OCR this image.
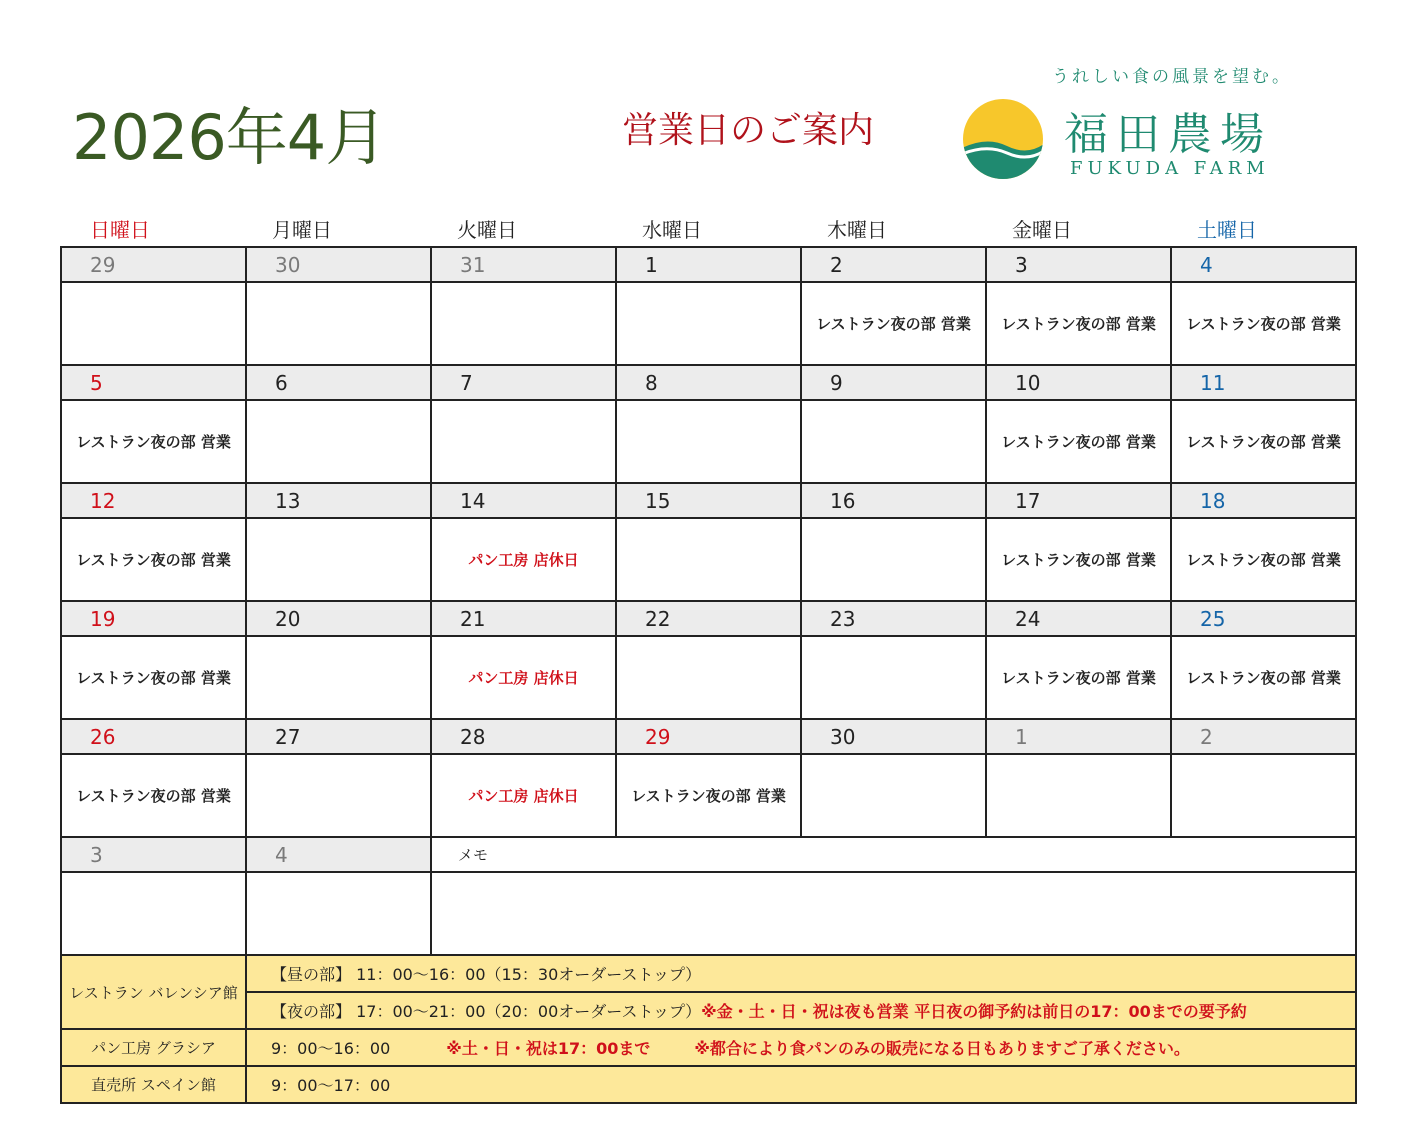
2026年4月	営業日のご案内
うれしい食の風景を望む。
福田農場
FUKUDA FARM
日曜日	月曜日	火曜日	水曜日	木曜日	金曜日	土曜日
29	30	31	1	2	3	4
				レストラン夜の部 営業	レストラン夜の部 営業	レストラン夜の部 営業
5	6	7	8	9	10	11
レストラン夜の部 営業					レストラン夜の部 営業	レストラン夜の部 営業
12	13	14	15	16	17	18
レストラン夜の部 営業		パン工房 店休日			レストラン夜の部 営業	レストラン夜の部 営業
19	20	21	22	23	24	25
レストラン夜の部 営業		パン工房 店休日			レストラン夜の部 営業	レストラン夜の部 営業
26	27	28	29	30	1	2
レストラン夜の部 営業		パン工房 店休日	レストラン夜の部 営業			
3	4	メモ				

レストラン バレンシア館	【昼の部】 11：00～16：00（15：30オーダーストップ）
	【夜の部】 17：00～21：00（20：00オーダーストップ）※金・土・日・祝は夜も営業 平日夜の御予約は前日の17：00までの要予約
パン工房 グラシア	9：00～16：00 ※土・日・祝は17：00まで ※都合により食パンのみの販売になる日もありますご了承ください。
直売所 スペイン館	9：00～17：00
